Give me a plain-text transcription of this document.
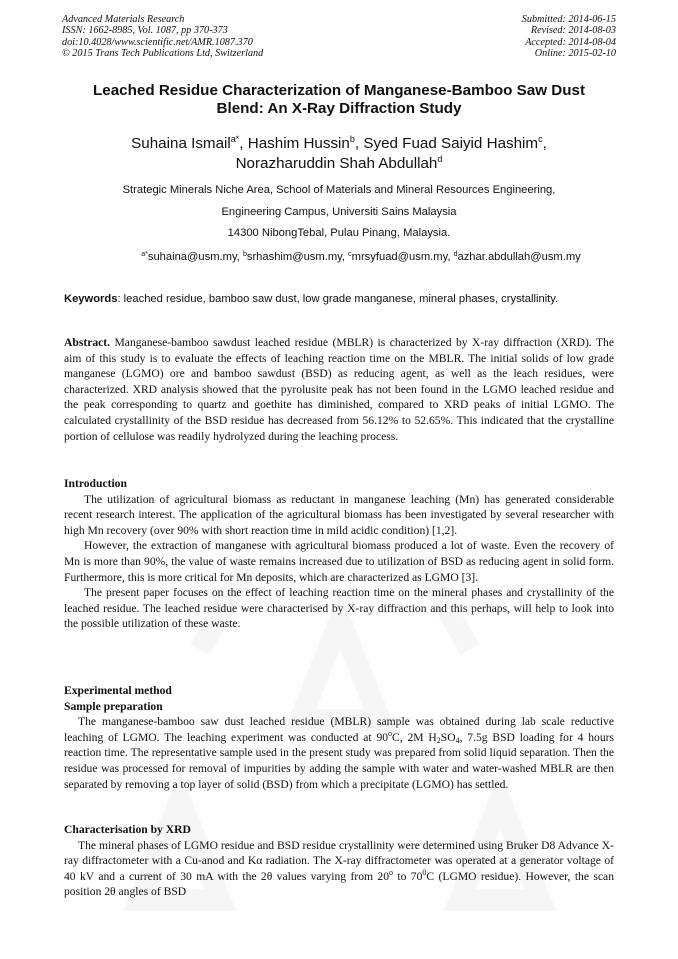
Advanced Materials Research
ISSN: 1662-8985, Vol. 1087, pp 370-373
doi:10.4028/www.scientific.net/AMR.1087.370
© 2015 Trans Tech Publications Ltd, Switzerland
Submitted: 2014-06-15
Revised: 2014-08-03
Accepted: 2014-08-04
Online: 2015-02-10
Leached Residue Characterization of Manganese-Bamboo Saw Dust
Blend: An X-Ray Diffraction Study
Suhaina Ismail$^{a*}$, Hashim Hussin$^b$, Syed Fuad Saiyid Hashim$^c$,
Norazharuddin Shah Abdullah$^d$
Strategic Minerals Niche Area, School of Materials and Mineral Resources Engineering,
Engineering Campus, Universiti Sains Malaysia
14300 NibongTebal, Pulau Pinang, Malaysia.
$^{a*}$suhaina@usm.my, $^b$srhashim@usm.my, $^c$mrsyfuad@usm.my, $^d$azhar.abdullah@usm.my
Keywords: leached residue, bamboo saw dust, low grade manganese, mineral phases, crystallinity.

Abstract. Manganese-bamboo sawdust leached residue (MBLR) is characterized by X-ray diffraction (XRD). The aim of this study is to evaluate the effects of leaching reaction time on the MBLR. The initial solids of low grade manganese (LGMO) ore and bamboo sawdust (BSD) as reducing agent, as well as the leach residues, were characterized. XRD analysis showed that the pyrolusite peak has not been found in the LGMO leached residue and the peak corresponding to quartz and goethite has diminished, compared to XRD peaks of initial LGMO. The calculated crystallinity of the BSD residue has decreased from 56.12% to 52.65%. This indicated that the crystalline portion of cellulose was readily hydrolyzed during the leaching process.

Introduction

The utilization of agricultural biomass as reductant in manganese leaching (Mn) has generated considerable recent research interest. The application of the agricultural biomass has been investigated by several researcher with high Mn recovery (over 90% with short reaction time in mild acidic condition) [1,2].

However, the extraction of manganese with agricultural biomass produced a lot of waste. Even the recovery of Mn is more than 90%, the value of waste remains increased due to utilization of BSD as reducing agent in solid form. Furthermore, this is more critical for Mn deposits, which are characterized as LGMO [3].

The present paper focuses on the effect of leaching reaction time on the mineral phases and crystallinity of the leached residue. The leached residue were characterised by X-ray diffraction and this perhaps, will help to look into the possible utilization of these waste.

Experimental method
Sample preparation

The manganese-bamboo saw dust leached residue (MBLR) sample was obtained during lab scale reductive leaching of LGMO. The leaching experiment was conducted at 90$^o$C, 2M $H_2SO_4$, 7.5g BSD loading for 4 hours reaction time. The representative sample used in the present study was prepared from solid liquid separation. Then the residue was processed for removal of impurities by adding the sample with water and water-washed MBLR are then separated by removing a top layer of solid (BSD) from which a precipitate (LGMO) has settled.

Characterisation by XRD

The mineral phases of LGMO residue and BSD residue crystallinity were determined using Bruker D8 Advance X-ray diffractometer with a Cu-anod and Kα radiation. The X-ray diffractometer was operated at a generator voltage of 40 kV and a current of 30 mA with the 2θ values varying from 20$^o$ to $70^0C$ (LGMO residue). However, the scan position 2θ angles of BSD
